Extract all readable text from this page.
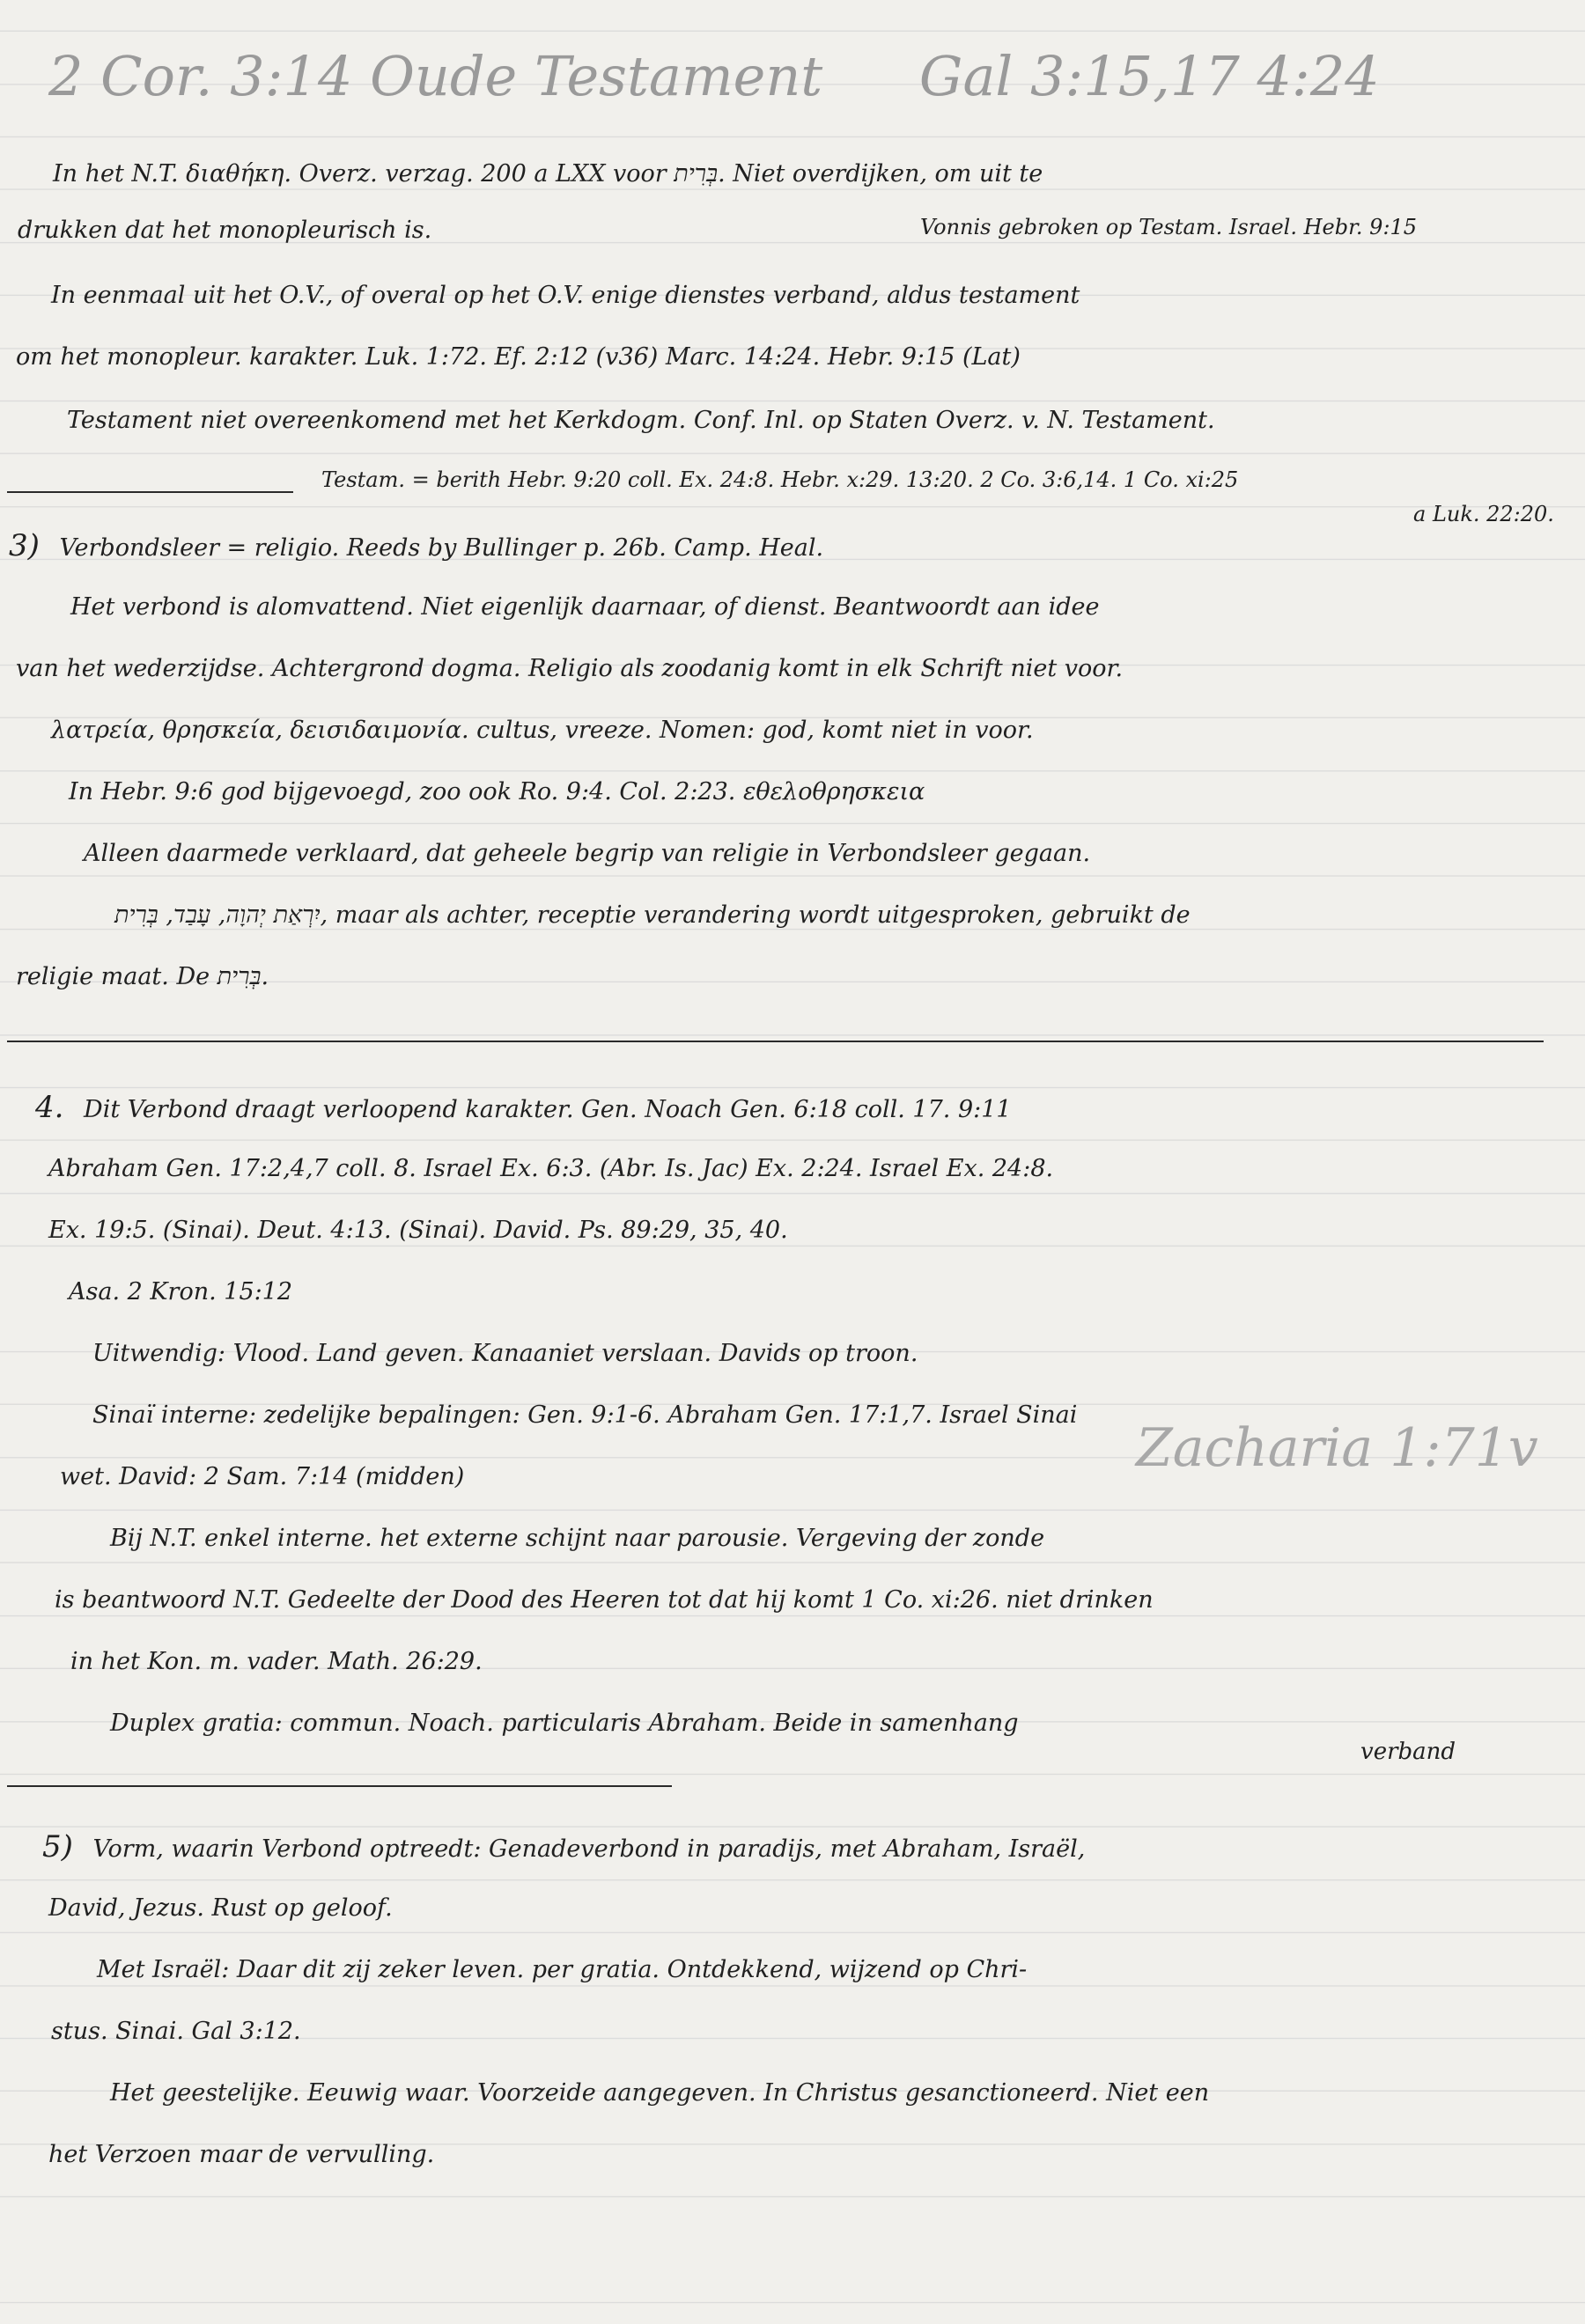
2 Cor. 3:14 Oude Testament Gal 3:15,17 4:24
In het N.T. διαθήκη. Overz. verzag. 200 a LXX voor בְּרִית. Niet overdijken, om uit te
drukken dat het monopleurisch is.	Vonnis gebroken op Testam. Israel. Hebr. 9:15
In eenmaal uit het O.V., of overal op het O.V. enige dienstes verband, aldus testament
om het monopleur. karakter. Luk. 1:72. Ef. 2:12 (v36) Marc. 14:24. Hebr. 9:15 (Lat)
Testament niet overeenkomend met het Kerkdogm. Conf. Inl. op Staten Overz. v. N. Testament.
Testam. = berith Hebr. 9:20 coll. Ex. 24:8. Hebr. x:29. 13:20. 2 Co. 3:6,14. 1 Co. xi:25
a Luk. 22:20.
3) Verbondsleer = religio. Reeds by Bullinger p. 26b. Camp. Heal.
Het verbond is alomvattend. Niet eigenlijk daarnaar, of dienst. Beantwoordt aan idee
van het wederzijdse. Achtergrond dogma. Religio als zoodanig komt in elk Schrift niet voor.
λατρεία, θρησκεία, δεισιδαιμονία. cultus, vreeze. Nomen: god, komt niet in voor.
In Hebr. 9:6 god bijgevoegd, zoo ook Ro. 9:4. Col. 2:23. εθελοθρησκεια
Alleen daarmede verklaard, dat geheele begrip van religie in Verbondsleer gegaan.
יִרְאַת יְהוָה, עָבַד, בְּרִית, maar als achter, receptie verandering wordt uitgesproken, gebruikt de
religie maat. De בְּרִית.
4. Dit Verbond draagt verloopend karakter. Gen. Noach Gen. 6:18 coll. 17. 9:11
Abraham Gen. 17:2,4,7 coll. 8. Israel Ex. 6:3. (Abr. Is. Jac) Ex. 2:24. Israel Ex. 24:8.
Ex. 19:5. (Sinai). Deut. 4:13. (Sinai). David. Ps. 89:29, 35, 40.
Asa. 2 Kron. 15:12
Uitwendig: Vlood. Land geven. Kanaaniet verslaan. Davids op troon.
Sinaï interne: zedelijke bepalingen: Gen. 9:1-6. Abraham Gen. 17:1,7. Israel Sinai
wet. David: 2 Sam. 7:14 (midden)	Zacharia 1:71v
Bij N.T. enkel interne. het externe schijnt naar parousie. Vergeving der zonde
is beantwoord N.T. Gedeelte der Dood des Heeren tot dat hij komt 1 Co. xi:26. niet drinken
in het Kon. m. vader. Math. 26:29.
Duplex gratia: commun. Noach. particularis Abraham. Beide in samenhang
verband
5) Vorm, waarin Verbond optreedt: Genadeverbond in paradijs, met Abraham, Israël,
David, Jezus. Rust op geloof.
Met Israël: Daar dit zij zeker leven. per gratia. Ontdekkend, wijzend op Chri-
stus. Sinai. Gal 3:12.
Het geestelijke. Eeuwig waar. Voorzeide aangegeven. In Christus gesanctioneerd. Niet een
het Verzoen maar de vervulling.
